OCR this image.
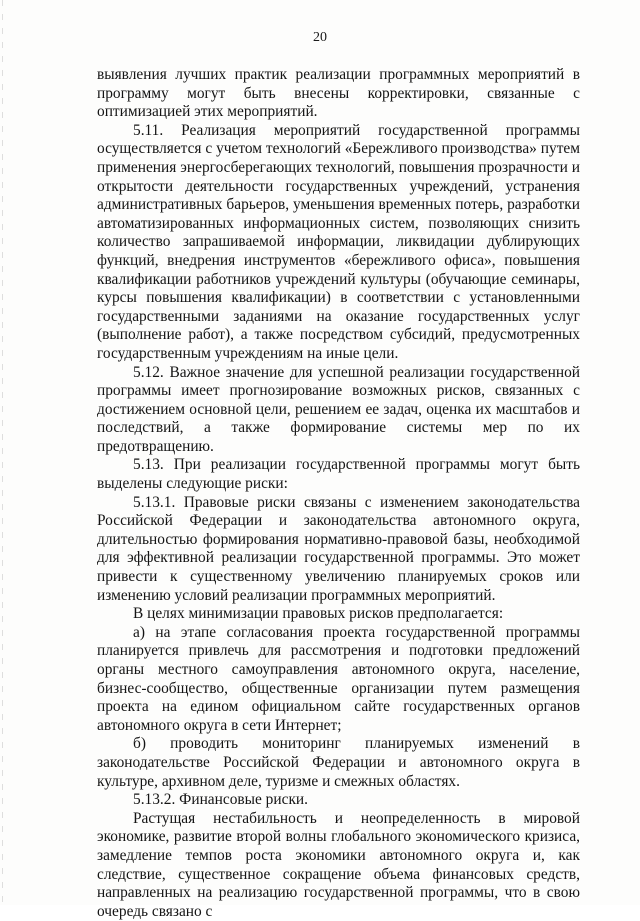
20

выявления лучших практик реализации программных мероприятий в программу могут быть внесены корректировки, связанные с оптимизацией этих мероприятий.

5.11. Реализация мероприятий государственной программы осуществляется с учетом технологий «Бережливого производства» путем применения энергосберегающих технологий, повышения прозрачности и открытости деятельности государственных учреждений, устранения административных барьеров, уменьшения временных потерь, разработки автоматизированных информационных систем, позволяющих снизить количество запрашиваемой информации, ликвидации дублирующих функций, внедрения инструментов «бережливого офиса», повышения квалификации работников учреждений культуры (обучающие семинары, курсы повышения квалификации) в соответствии с установленными государственными заданиями на оказание государственных услуг (выполнение работ), а также посредством субсидий, предусмотренных государственным учреждениям на иные цели.

5.12. Важное значение для успешной реализации государственной программы имеет прогнозирование возможных рисков, связанных с достижением основной цели, решением ее задач, оценка их масштабов и последствий, а также формирование системы мер по их предотвращению.

5.13. При реализации государственной программы могут быть выделены следующие риски:

5.13.1. Правовые риски связаны с изменением законодательства Российской Федерации и законодательства автономного округа, длительностью формирования нормативно-правовой базы, необходимой для эффективной реализации государственной программы. Это может привести к существенному увеличению планируемых сроков или изменению условий реализации программных мероприятий.

В целях минимизации правовых рисков предполагается:

а) на этапе согласования проекта государственной программы планируется привлечь для рассмотрения и подготовки предложений органы местного самоуправления автономного округа, население, бизнес-сообщество, общественные организации путем размещения проекта на едином официальном сайте государственных органов автономного округа в сети Интернет;

б) проводить мониторинг планируемых изменений в законодательстве Российской Федерации и автономного округа в культуре, архивном деле, туризме и смежных областях.

5.13.2. Финансовые риски.

Растущая нестабильность и неопределенность в мировой экономике, развитие второй волны глобального экономического кризиса, замедление темпов роста экономики автономного округа и, как следствие, существенное сокращение объема финансовых средств, направленных на реализацию государственной программы, что в свою очередь связано с
